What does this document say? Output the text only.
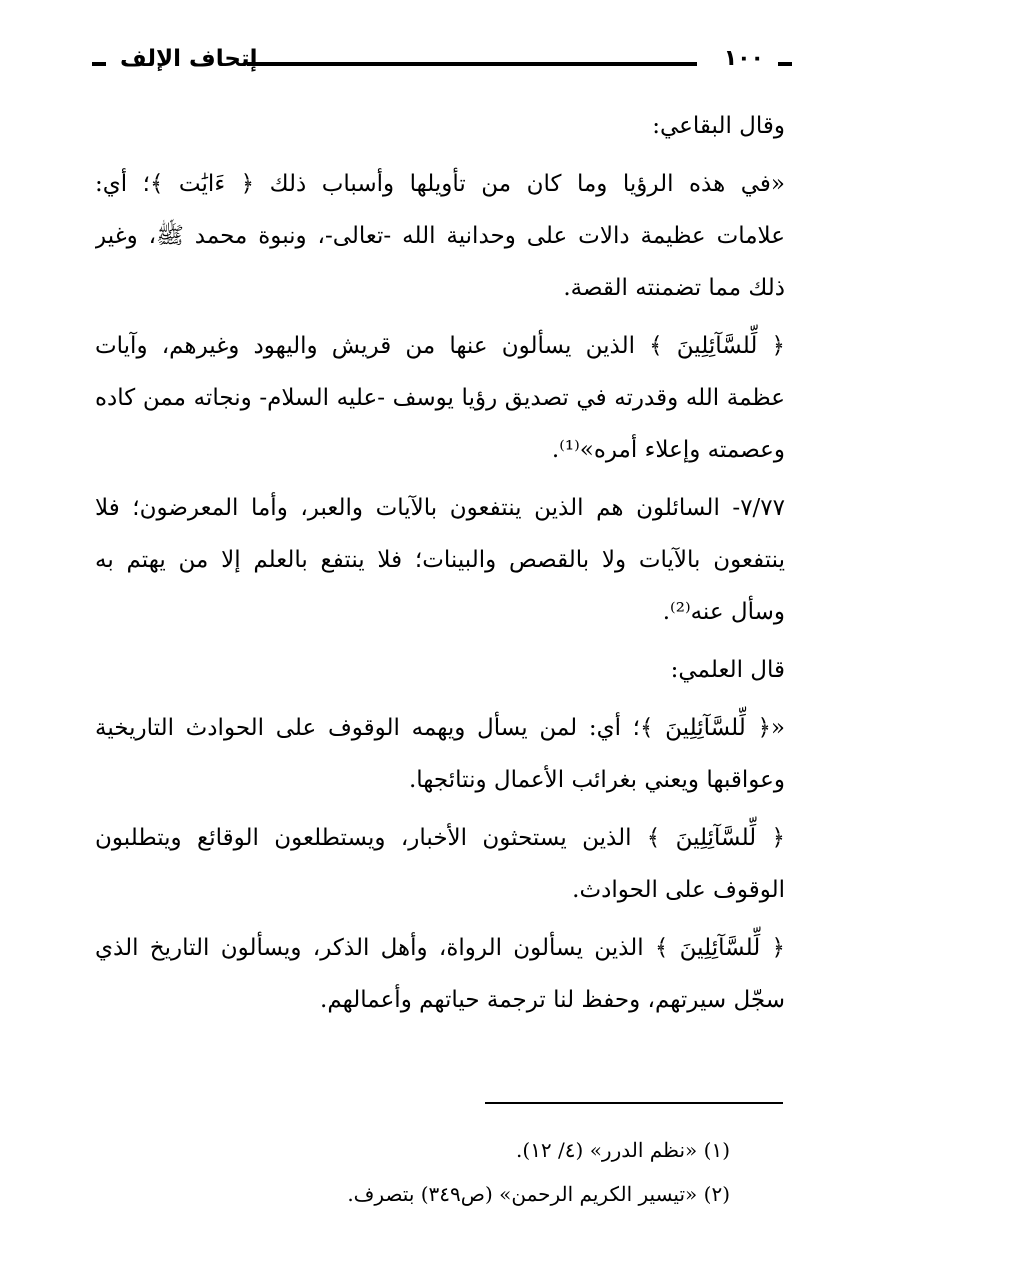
١٠٠
إتحاف الإلف
وقال البقاعي:
«في هذه الرؤيا وما كان من تأويلها وأسباب ذلك ﴿ ءَايَٰت ﴾؛ أي:
علامات عظيمة دالات على وحدانية الله -تعالى-، ونبوة محمد ﷺ، وغير
ذلك مما تضمنته القصة.
﴿ لِّلسَّآئِلِينَ ﴾ الذين يسألون عنها من قريش واليهود وغيرهم، وآيات
عظمة الله وقدرته في تصديق رؤيا يوسف -عليه السلام- ونجاته ممن كاده
وعصمته وإعلاء أمره»⁽¹⁾.
٧/٧٧- السائلون هم الذين ينتفعون بالآيات والعبر، وأما المعرضون؛ فلا
ينتفعون بالآيات ولا بالقصص والبينات؛ فلا ينتفع بالعلم إلا من يهتم به
وسأل عنه⁽²⁾.
قال العلمي:
«﴿ لِّلسَّآئِلِينَ ﴾؛ أي: لمن يسأل ويهمه الوقوف على الحوادث التاريخية
وعواقبها ويعني بغرائب الأعمال ونتائجها.
﴿ لِّلسَّآئِلِينَ ﴾ الذين يستحثون الأخبار، ويستطلعون الوقائع ويتطلبون
الوقوف على الحوادث.
﴿ لِّلسَّآئِلِينَ ﴾ الذين يسألون الرواة، وأهل الذكر، ويسألون التاريخ الذي
سجّل سيرتهم، وحفظ لنا ترجمة حياتهم وأعمالهم.
(١) «نظم الدرر» (٤/ ١٢).
(٢) «تيسير الكريم الرحمن» (ص٣٤٩) بتصرف.
